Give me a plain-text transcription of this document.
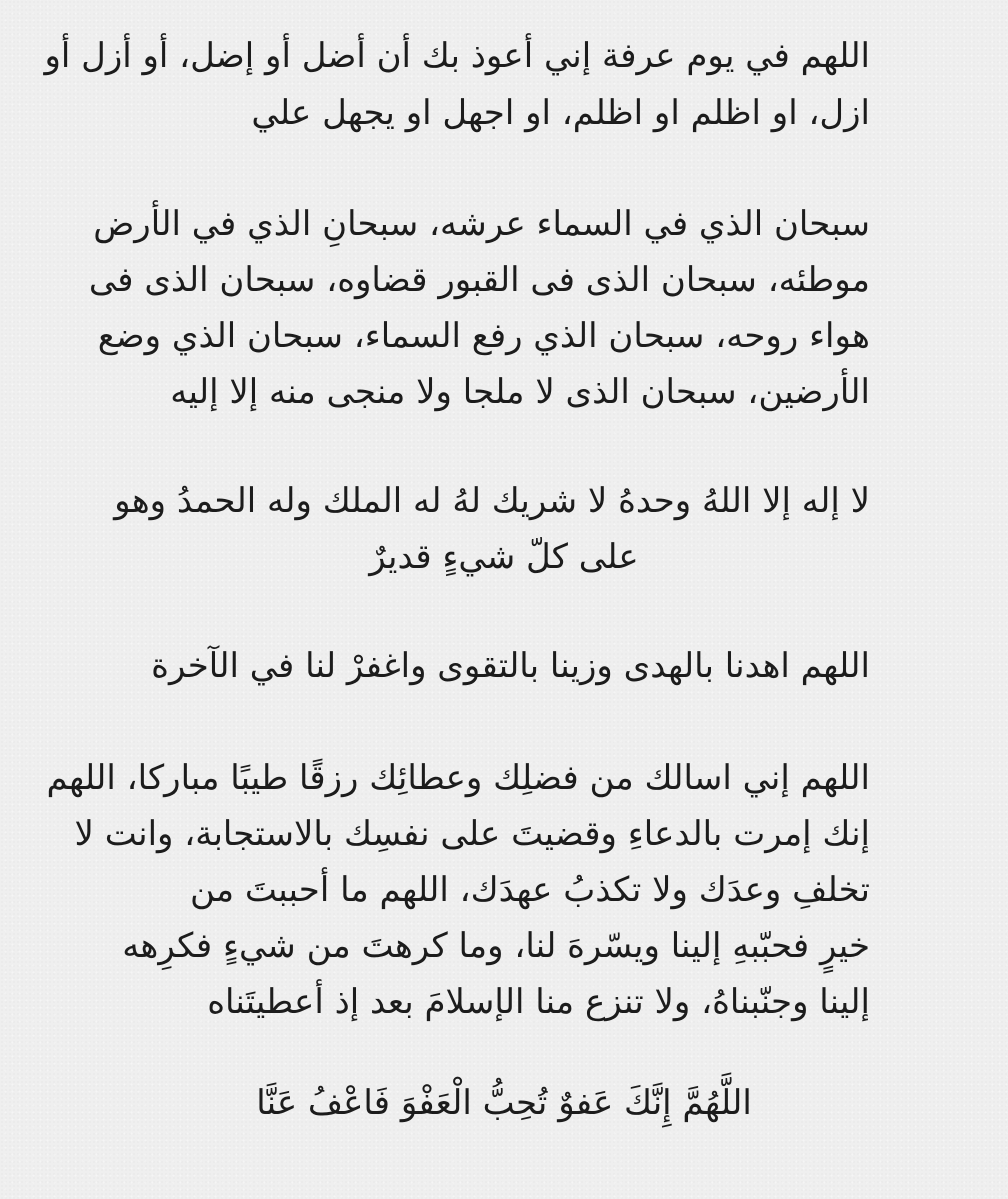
اللهم في يوم عرفة إني أعوذ بك أن أضل أو إضل، أو أزل أو
ازل، او اظلم او اظلم، او اجهل او يجهل علي
سبحان الذي في السماء عرشه، سبحانِ الذي في الأرض
موطئه، سبحان الذى فى القبور قضاوه، سبحان الذى فى
هواء روحه، سبحان الذي رفع السماء، سبحان الذي وضع
الأرضين، سبحان الذى لا ملجا ولا منجى منه إلا إليه
لا إله إلا اللهُ وحدهُ لا شريك لهُ له الملك وله الحمدُ وهو
على كلّ شيءٍ قديرٌ
اللهم اهدنا بالهدى وزينا بالتقوى واغفرْ لنا في الآخرة
اللهم إني اسالك من فضلِك وعطائِك رزقًا طيبًا مباركا، اللهم
إنك إمرت بالدعاءِ وقضيتَ على نفسِك بالاستجابة، وانت لا
تخلفِ وعدَك ولا تكذبُ عهدَك، اللهم ما أحببتَ من
خيرٍ فحبّبهِ إلينا ويسّرهَ لنا، وما كرهتَ من شيءٍ فكرِهه
إلينا وجنّبناهُ، ولا تنزع منا الإسلامَ بعد إذ أعطيتَناه
اللَّهُمَّ إِنَّكَ عَفوٌ تُحِبُّ الْعَفْوَ فَاعْفُ عَنَّا
